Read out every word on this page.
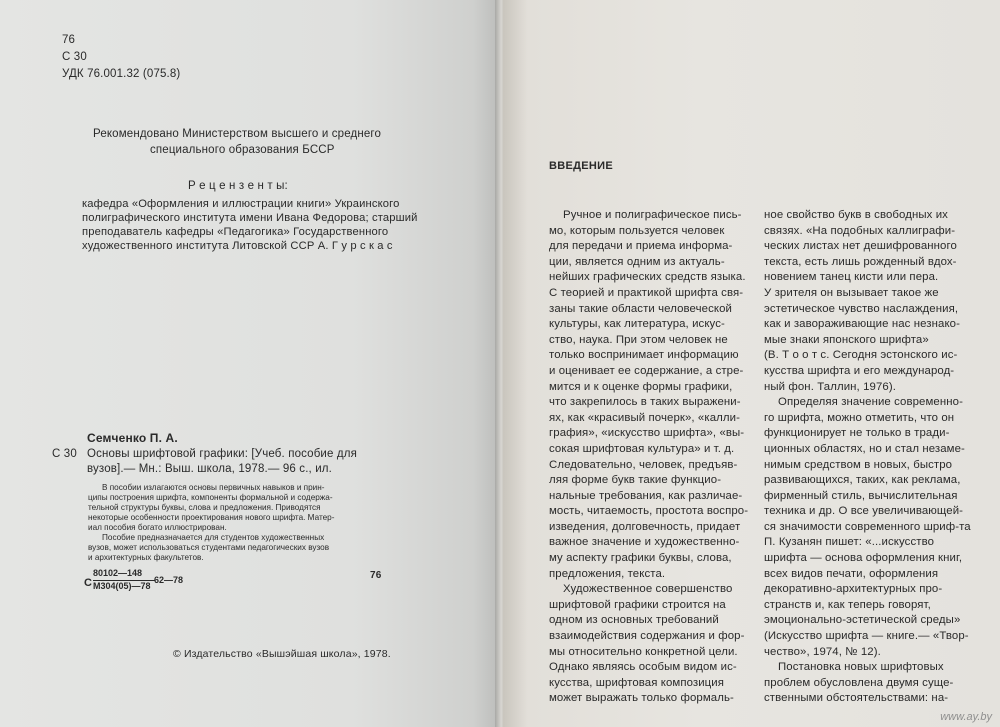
76
С 30
УДК 76.001.32 (075.8)
Рекомендовано Министерством высшего и среднего
специального образования БССР
Р е ц е н з е н т ы:
кафедра «Оформления и иллюстрации книги» Украинского
полиграфического института имени Ивана Федорова; старший
преподаватель кафедры «Педагогика» Государственного
художественного института Литовской ССР А. Г у р с к а с
Семченко П. А.
С 30 Основы шрифтовой графики: [Учеб. пособие для
вузов].— Мн.: Выш. школа, 1978.— 96 с., ил.
В пособии излагаются основы первичных навыков и прин-
ципы построения шрифта, компоненты формальной и содержа-
тельной структуры буквы, слова и предложения. Приводятся
некоторые особенности проектирования нового шрифта. Матер-
иал пособия богато иллюстрирован.
Пособие предназначается для студентов художественных
вузов, может использоваться студентами педагогических вузов
и архитектурных факультетов.
С
80102—148
М304(05)—78
62—78	76
© Издательство «Вышэйшая школа», 1978.
ВВЕДЕНИЕ
Ручное и полиграфическое пись-
мо, которым пользуется человек
для передачи и приема информа-
ции, является одним из актуаль-
нейших графических средств языка.
С теорией и практикой шрифта свя-
заны такие области человеческой
культуры, как литература, искус-
ство, наука. При этом человек не
только воспринимает информацию
и оценивает ее содержание, а стре-
мится и к оценке формы графики,
что закрепилось в таких выражени-
ях, как «красивый почерк», «калли-
графия», «искусство шрифта», «вы-
сокая шрифтовая культура» и т. д.
Следовательно, человек, предъяв-
ляя форме букв такие функцио-
нальные требования, как различае-
мость, читаемость, простота воспро-
изведения, долговечность, придает
важное значение и художественно-
му аспекту графики буквы, слова,
предложения, текста.
Художественное совершенство
шрифтовой графики строится на
одном из основных требований
взаимодействия содержания и фор-
мы относительно конкретной цели.
Однако являясь особым видом ис-
кусства, шрифтовая композиция
может выражать только формаль-
ное свойство букв в свободных их
связях. «На подобных каллиграфи-
ческих листах нет дешифрованного
текста, есть лишь рожденный вдох-
новением танец кисти или пера.
У зрителя он вызывает такое же
эстетическое чувство наслаждения,
как и завораживающие нас незнако-
мые знаки японского шрифта»
(В. Т о о т с. Сегодня эстонского ис-
кусства шрифта и его международ-
ный фон. Таллин, 1976).
Определяя значение современно-
го шрифта, можно отметить, что он
функционирует не только в тради-
ционных областях, но и стал незаме-
нимым средством в новых, быстро
развивающихся, таких, как реклама,
фирменный стиль, вычислительная
техника и др. О все увеличивающей-
ся значимости современного шриф-та
П. Кузанян пишет: «...искусство
шрифта — основа оформления книг,
всех видов печати, оформления
декоративно-архитектурных про-
странств и, как теперь говорят,
эмоционально-эстетической среды»
(Искусство шрифта — книге.— «Твор-
чество», 1974, № 12).
Постановка новых шрифтовых
проблем обусловлена двумя суще-
ственными обстоятельствами: на-
www.ay.by
